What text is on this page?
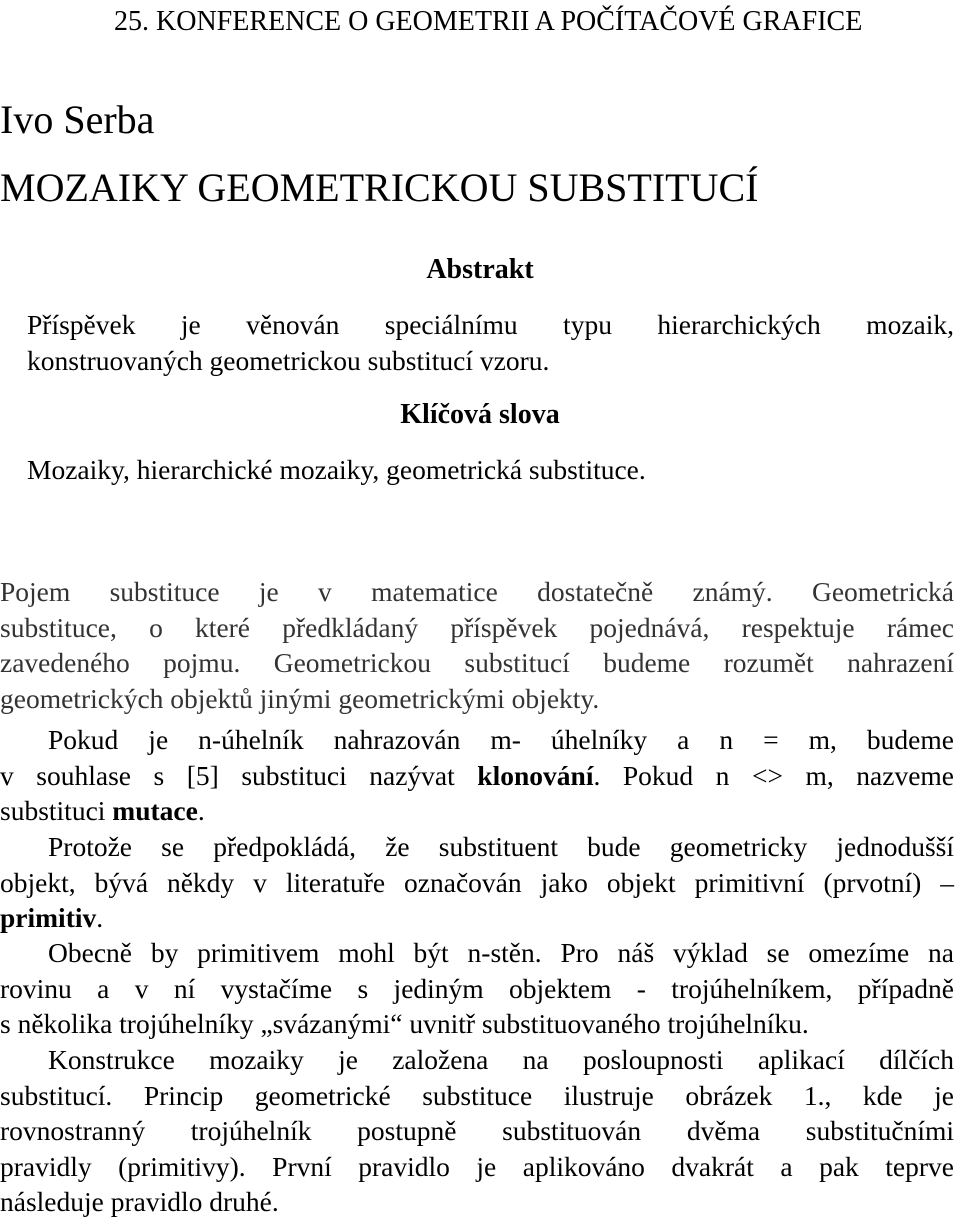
25. KONFERENCE O GEOMETRII A POČÍTAČOVÉ GRAFICE
Ivo Serba
MOZAIKY GEOMETRICKOU SUBSTITUCÍ
Abstrakt
Příspěvek je věnován speciálnímu typu hierarchických mozaik,
konstruovaných geometrickou substitucí vzoru.
Klíčová slova
Mozaiky, hierarchické mozaiky, geometrická substituce.
Pojem substituce je v matematice dostatečně známý. Geometrická
substituce, o které předkládaný příspěvek pojednává, respektuje rámec
zavedeného pojmu. Geometrickou substitucí budeme rozumět nahrazení
geometrických objektů jinými geometrickými objekty.
Pokud je n-úhelník nahrazován m- úhelníky a n = m, budeme
v souhlase s [5] substituci nazývat klonování. Pokud n <> m, nazveme
substituci mutace.
Protože se předpokládá, že substituent bude geometricky jednodušší
objekt, bývá někdy v literatuře označován jako objekt primitivní (prvotní) –
primitiv.
Obecně by primitivem mohl být n-stěn. Pro náš výklad se omezíme na
rovinu a v ní vystačíme s jediným objektem - trojúhelníkem, případně
s několika trojúhelníky „svázanými“ uvnitř substituovaného trojúhelníku.
Konstrukce mozaiky je založena na posloupnosti aplikací dílčích
substitucí. Princip geometrické substituce ilustruje obrázek 1., kde je
rovnostranný trojúhelník postupně substituován dvěma substitučními
pravidly (primitivy). První pravidlo je aplikováno dvakrát a pak teprve
následuje pravidlo druhé.
